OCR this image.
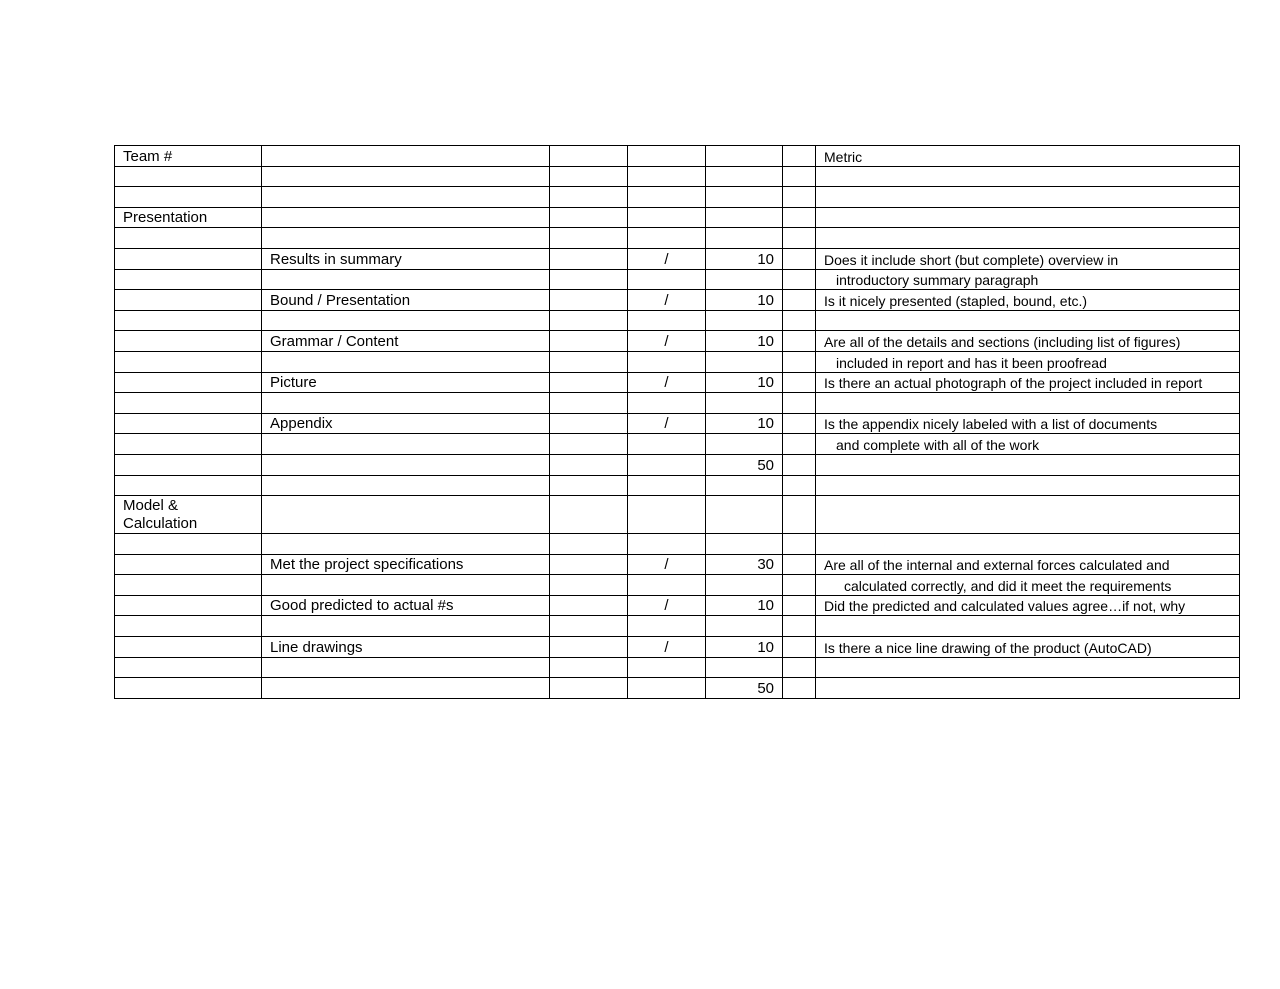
Team #						Metric

Presentation						

	Results in summary		/	10		Does it include short (but complete) overview in
						introductory summary paragraph
	Bound / Presentation		/	10		Is it nicely presented (stapled, bound, etc.)

	Grammar / Content		/	10		Are all of the details and sections (including list of figures)
						included in report and has it been proofread
	Picture		/	10		Is there an actual photograph of the project included in report

	Appendix		/	10		Is the appendix nicely labeled with a list of documents
						and complete with all of the work
				50		

Model & Calculation						

	Met the project specifications		/	30		Are all of the internal and external forces calculated and
						calculated correctly, and did it meet the requirements
	Good predicted to actual #s		/	10		Did the predicted and calculated values agree…if not, why

	Line drawings		/	10		Is there a nice line drawing of the product (AutoCAD)

				50		
